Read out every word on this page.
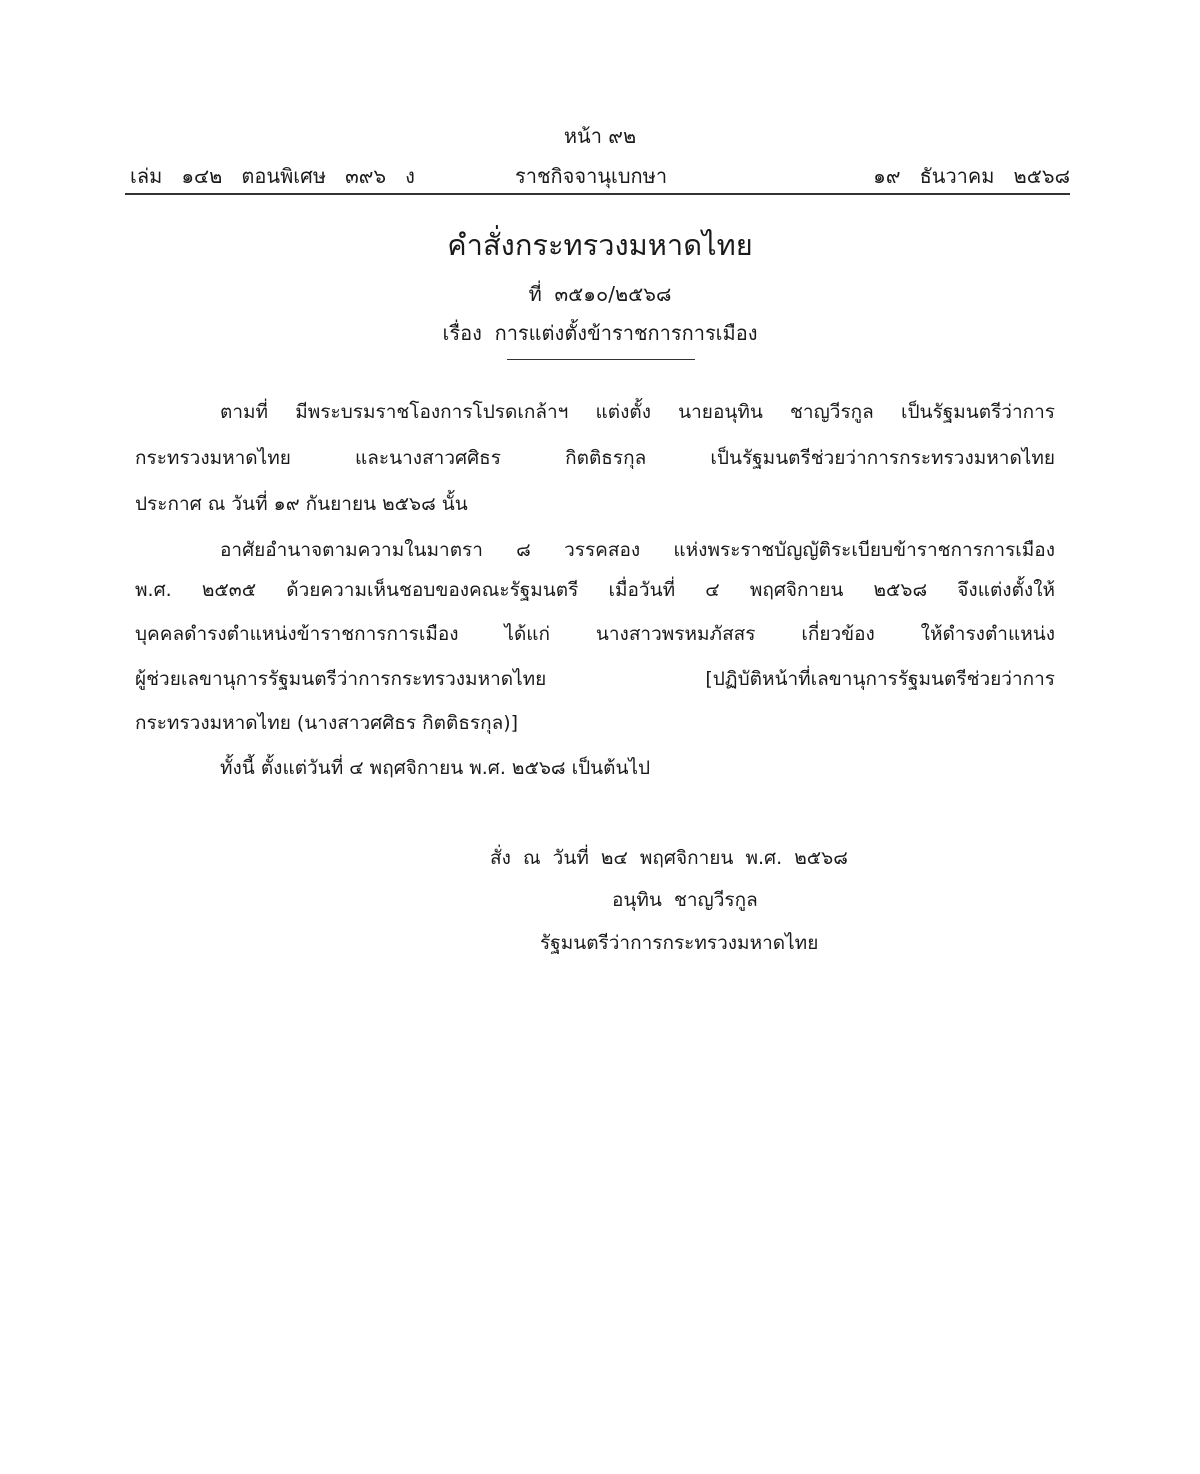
หน้า ๙๒
เล่ม   ๑๔๒   ตอนพิเศษ   ๓๙๖   ง	ราชกิจจานุเบกษา	๑๙   ธันวาคม   ๒๕๖๘
คำสั่งกระทรวงมหาดไทย
ที่  ๓๕๑๐/๒๕๖๘
เรื่อง  การแต่งตั้งข้าราชการการเมือง
ตามที่ มีพระบรมราชโองการโปรดเกล้าฯ แต่งตั้ง นายอนุทิน ชาญวีรกูล เป็นรัฐมนตรีว่าการ
กระทรวงมหาดไทย และนางสาวศศิธร กิตติธรกุล เป็นรัฐมนตรีช่วยว่าการกระทรวงมหาดไทย
ประกาศ ณ วันที่ ๑๙ กันยายน ๒๕๖๘ นั้น
อาศัยอำนาจตามความในมาตรา ๘ วรรคสอง แห่งพระราชบัญญัติระเบียบข้าราชการการเมือง
พ.ศ. ๒๕๓๕ ด้วยความเห็นชอบของคณะรัฐมนตรี เมื่อวันที่ ๔ พฤศจิกายน ๒๕๖๘ จึงแต่งตั้งให้
บุคคลดำรงตำแหน่งข้าราชการการเมือง ได้แก่ นางสาวพรหมภัสสร เกี่ยวข้อง ให้ดำรงตำแหน่ง
ผู้ช่วยเลขานุการรัฐมนตรีว่าการกระทรวงมหาดไทย [ปฏิบัติหน้าที่เลขานุการรัฐมนตรีช่วยว่าการ
กระทรวงมหาดไทย (นางสาวศศิธร กิตติธรกุล)]
ทั้งนี้ ตั้งแต่วันที่ ๔ พฤศจิกายน พ.ศ. ๒๕๖๘ เป็นต้นไป
สั่ง  ณ  วันที่  ๒๔  พฤศจิกายน  พ.ศ.  ๒๕๖๘
อนุทิน  ชาญวีรกูล
รัฐมนตรีว่าการกระทรวงมหาดไทย
